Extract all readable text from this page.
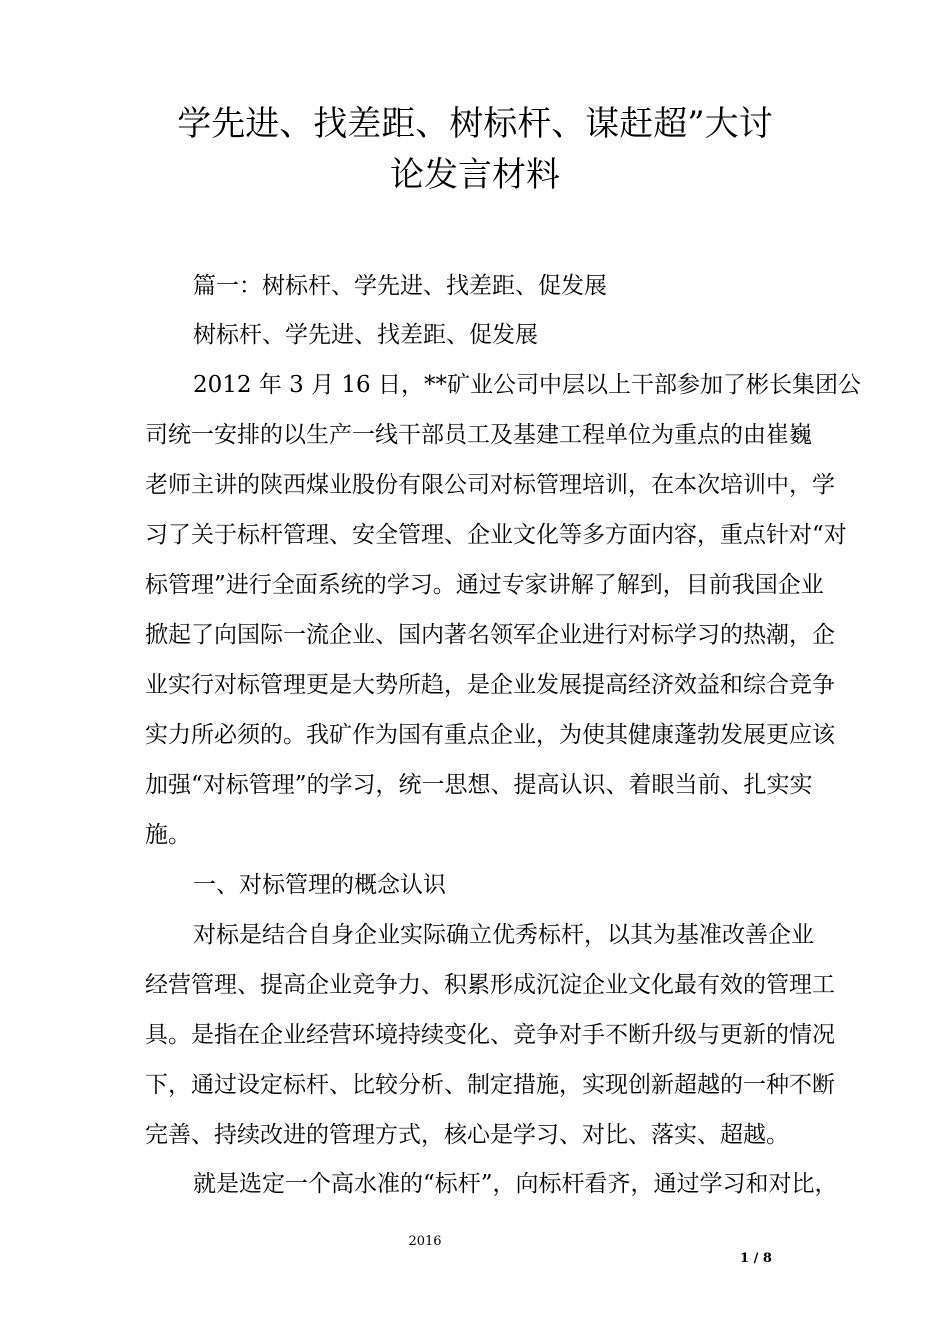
学先进、找差距、树标杆、谋赶超”大讨
论发言材料

篇一：树标杆、学先进、找差距、促发展

树标杆、学先进、找差距、促发展

2012 年 3 月 16 日，**矿业公司中层以上干部参加了彬长集团公

司统一安排的以生产一线干部员工及基建工程单位为重点的由崔巍

老师主讲的陕西煤业股份有限公司对标管理培训，在本次培训中，学

习了关于标杆管理、安全管理、企业文化等多方面内容，重点针对“对

标管理”进行全面系统的学习。通过专家讲解了解到，目前我国企业

掀起了向国际一流企业、国内著名领军企业进行对标学习的热潮，企

业实行对标管理更是大势所趋，是企业发展提高经济效益和综合竞争

实力所必须的。我矿作为国有重点企业，为使其健康蓬勃发展更应该

加强“对标管理”的学习，统一思想、提高认识、着眼当前、扎实实

施。

一、对标管理的概念认识

对标是结合自身企业实际确立优秀标杆，以其为基准改善企业

经营管理、提高企业竞争力、积累形成沉淀企业文化最有效的管理工

具。是指在企业经营环境持续变化、竞争对手不断升级与更新的情况

下，通过设定标杆、比较分析、制定措施，实现创新超越的一种不断

完善、持续改进的管理方式，核心是学习、对比、落实、超越。

就是选定一个高水准的“标杆”，向标杆看齐，通过学习和对比，

2016
1 / 8
